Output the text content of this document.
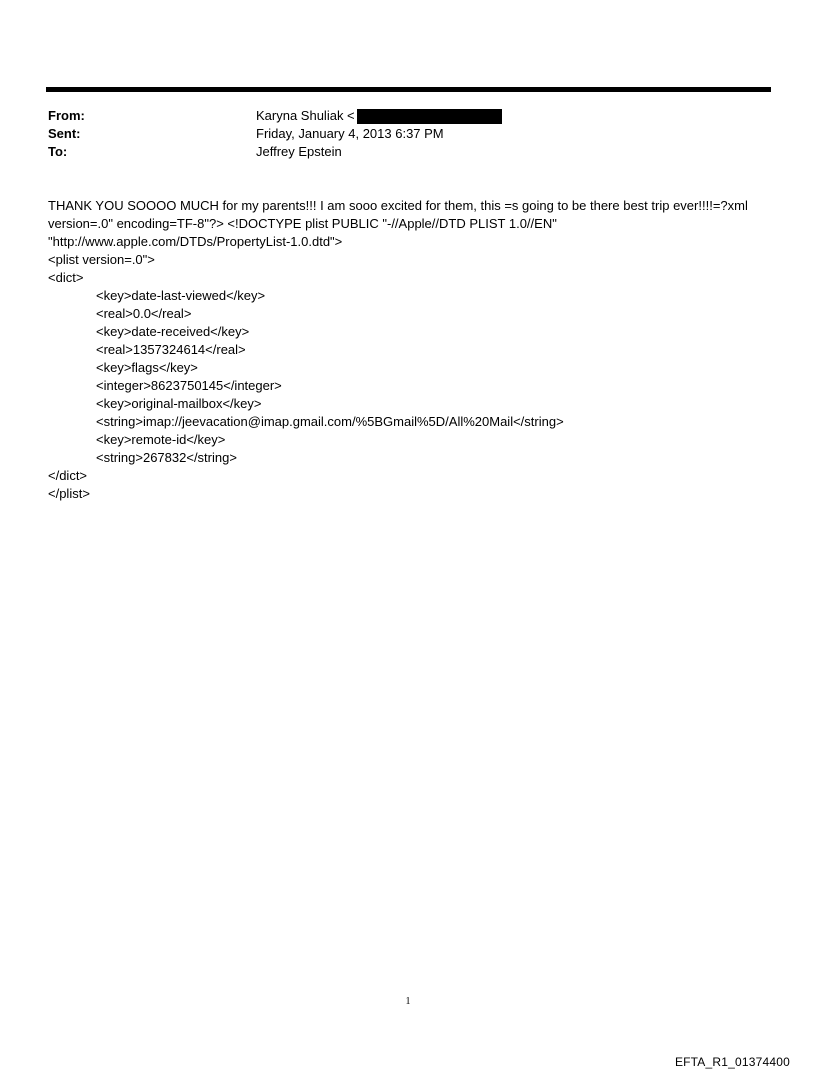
From:	Karyna Shuliak <
Sent:	Friday, January 4, 2013 6:37 PM
To:	Jeffrey Epstein
THANK YOU SOOOO MUCH for my parents!!! I am sooo excited for them, this =s going to be there best trip ever!!!!=?xml
version=.0" encoding=TF-8"?> <!DOCTYPE plist PUBLIC "-//Apple//DTD PLIST 1.0//EN"
"http://www.apple.com/DTDs/PropertyList-1.0.dtd">
<plist version=.0">
<dict>
<key>date-last-viewed</key>
<real>0.0</real>
<key>date-received</key>
<real>1357324614</real>
<key>flags</key>
<integer>8623750145</integer>
<key>original-mailbox</key>
<string>imap://jeevacation@imap.gmail.com/%5BGmail%5D/All%20Mail</string>
<key>remote-id</key>
<string>267832</string>
</dict>
</plist>
1
EFTA_R1_01374400
